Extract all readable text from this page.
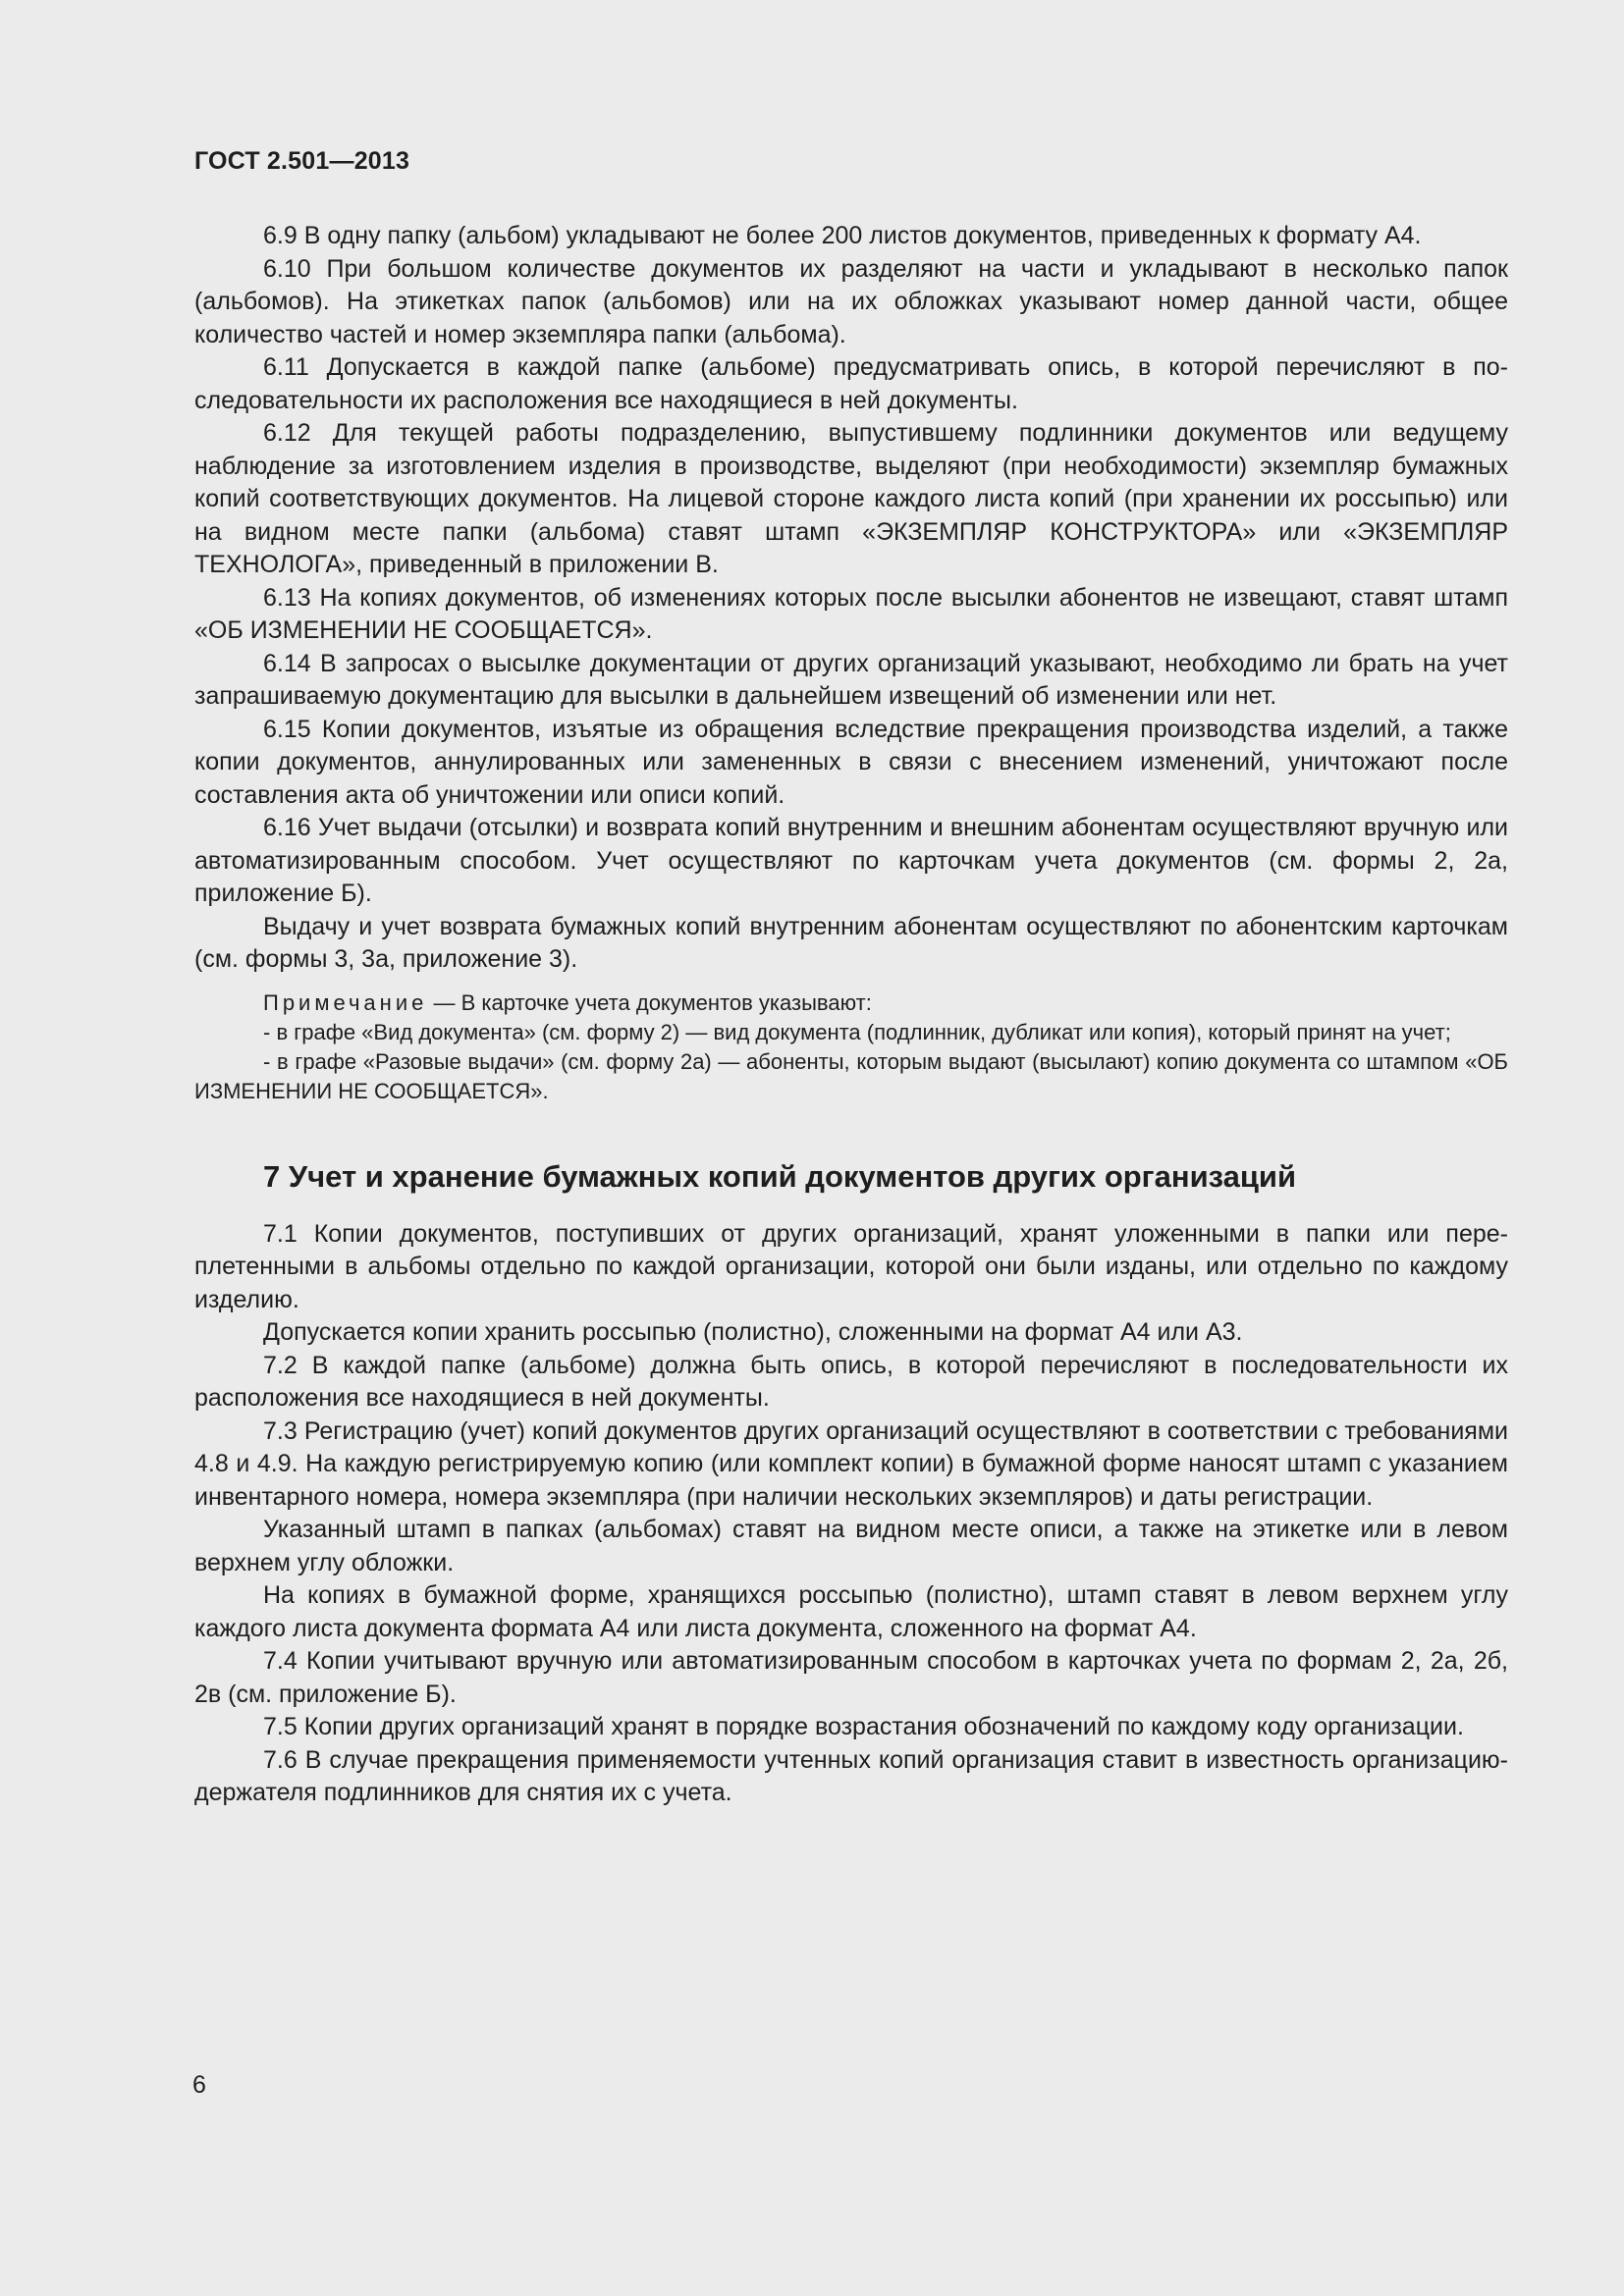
ГОСТ 2.501—2013

6.9 В одну папку (альбом) укладывают не более 200 листов документов, приведенных к формату А4.

6.10 При большом количестве документов их разделяют на части и укладывают в несколько папок (альбомов). На этикетках папок (альбомов) или на их обложках указывают номер данной части, общее количество частей и номер экземпляра папки (альбома).

6.11 Допускается в каждой папке (альбоме) предусматривать опись, в которой перечисляют в последовательности их расположения все находящиеся в ней документы.

6.12 Для текущей работы подразделению, выпустившему подлинники документов или ведущему наблюдение за изготовлением изделия в производстве, выделяют (при необходимости) экземпляр бумажных копий соответствующих документов. На лицевой стороне каждого листа копий (при хранении их россыпью) или на видном месте папки (альбома) ставят штамп «ЭКЗЕМПЛЯР КОНСТРУКТОРА» или «ЭКЗЕМПЛЯР ТЕХНОЛОГА», приведенный в приложении В.

6.13 На копиях документов, об изменениях которых после высылки абонентов не извещают, ставят штамп «ОБ ИЗМЕНЕНИИ НЕ СООБЩАЕТСЯ».

6.14 В запросах о высылке документации от других организаций указывают, необходимо ли брать на учет запрашиваемую документацию для высылки в дальнейшем извещений об изменении или нет.

6.15 Копии документов, изъятые из обращения вследствие прекращения производства изделий, а также копии документов, аннулированных или замененных в связи с внесением изменений, уничтожают после составления акта об уничтожении или описи копий.

6.16 Учет выдачи (отсылки) и возврата копий внутренним и внешним абонентам осуществляют вручную или автоматизированным способом. Учет осуществляют по карточкам учета документов (см. формы 2, 2а, приложение Б).

Выдачу и учет возврата бумажных копий внутренним абонентам осуществляют по абонентским карточкам (см. формы 3, 3а, приложение 3).

Примечание — В карточке учета документов указывают:

- в графе «Вид документа» (см. форму 2) — вид документа (подлинник, дубликат или копия), который принят на учет;

- в графе «Разовые выдачи» (см. форму 2а) — абоненты, которым выдают (высылают) копию документа со штампом «ОБ ИЗМЕНЕНИИ НЕ СООБЩАЕТСЯ».

7 Учет и хранение бумажных копий документов других организаций

7.1 Копии документов, поступивших от других организаций, хранят уложенными в папки или переплетенными в альбомы отдельно по каждой организации, которой они были изданы, или отдельно по каждому изделию.

Допускается копии хранить россыпью (полистно), сложенными на формат А4 или А3.

7.2 В каждой папке (альбоме) должна быть опись, в которой перечисляют в последовательности их расположения все находящиеся в ней документы.

7.3 Регистрацию (учет) копий документов других организаций осуществляют в соответствии с требованиями 4.8 и 4.9. На каждую регистрируемую копию (или комплект копии) в бумажной форме наносят штамп с указанием инвентарного номера, номера экземпляра (при наличии нескольких экземпляров) и даты регистрации.

Указанный штамп в папках (альбомах) ставят на видном месте описи, а также на этикетке или в левом верхнем углу обложки.

На копиях в бумажной форме, хранящихся россыпью (полистно), штамп ставят в левом верхнем углу каждого листа документа формата А4 или листа документа, сложенного на формат А4.

7.4 Копии учитывают вручную или автоматизированным способом в карточках учета по формам 2, 2а, 2б, 2в (см. приложение Б).

7.5 Копии других организаций хранят в порядке возрастания обозначений по каждому коду организации.

7.6 В случае прекращения применяемости учтенных копий организация ставит в известность организацию-держателя подлинников для снятия их с учета.

6
